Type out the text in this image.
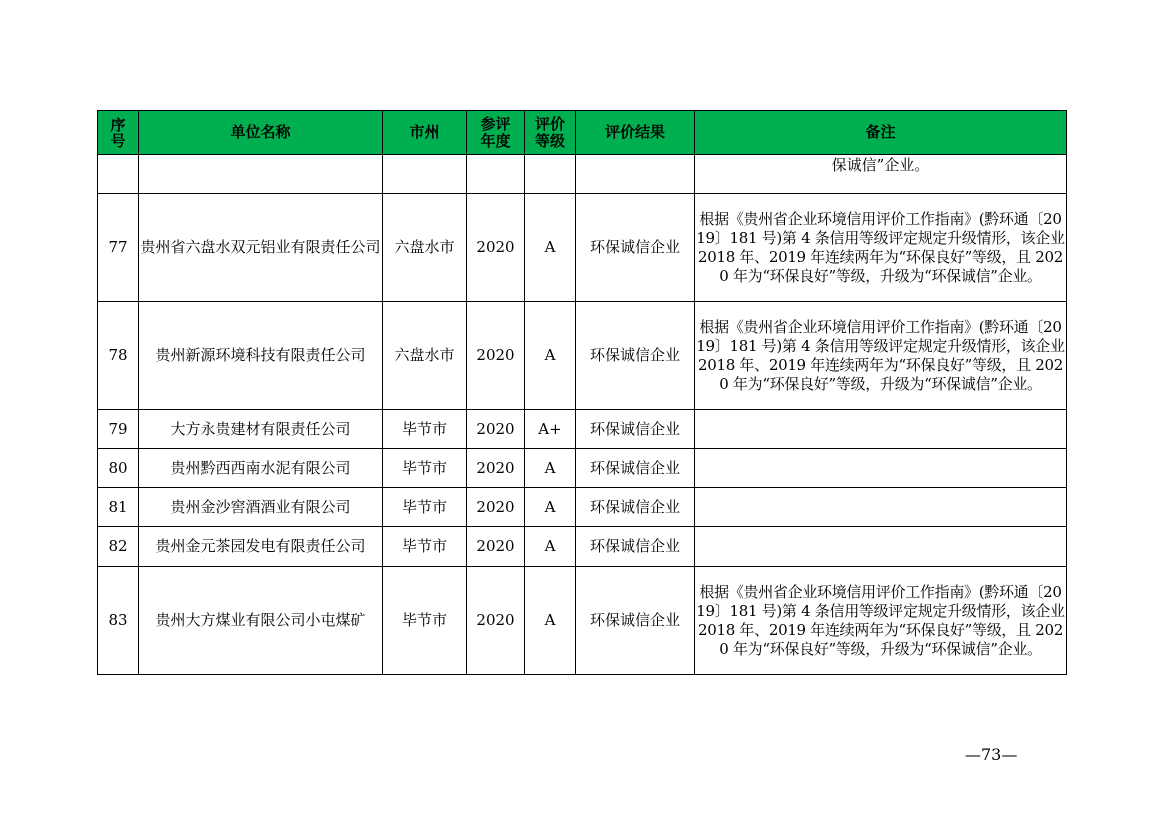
序号	单位名称	市州	参评年度	评价等级	评价结果	备注
						保诚信”企业。
77	贵州省六盘水双元铝业有限责任公司	六盘水市	2020	A	环保诚信企业	根据《贵州省企业环境信用评价工作指南》(黔环通〔2019〕181 号)第 4 条信用等级评定规定升级情形，该企业 2018 年、2019 年连续两年为“环保良好”等级，且 2020 年为“环保良好”等级，升级为“环保诚信”企业。
78	贵州新源环境科技有限责任公司	六盘水市	2020	A	环保诚信企业	根据《贵州省企业环境信用评价工作指南》(黔环通〔2019〕181 号)第 4 条信用等级评定规定升级情形，该企业 2018 年、2019 年连续两年为“环保良好”等级，且 2020 年为“环保良好”等级，升级为“环保诚信”企业。
79	大方永贵建材有限责任公司	毕节市	2020	A+	环保诚信企业	
80	贵州黔西西南水泥有限公司	毕节市	2020	A	环保诚信企业	
81	贵州金沙窖酒酒业有限公司	毕节市	2020	A	环保诚信企业	
82	贵州金元茶园发电有限责任公司	毕节市	2020	A	环保诚信企业	
83	贵州大方煤业有限公司小屯煤矿	毕节市	2020	A	环保诚信企业	根据《贵州省企业环境信用评价工作指南》(黔环通〔2019〕181 号)第 4 条信用等级评定规定升级情形，该企业 2018 年、2019 年连续两年为“环保良好”等级，且 2020 年为“环保良好”等级，升级为“环保诚信”企业。
—73—
